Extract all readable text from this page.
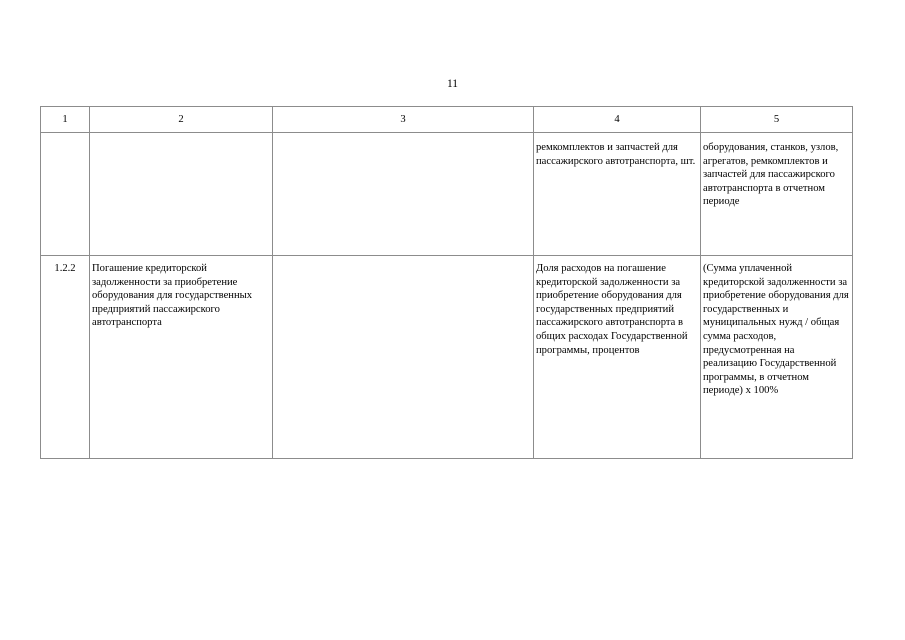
11
1	2	3	4	5
			ремкомплектов и запчастей для пассажирского автотранспорта, шт.	оборудования, станков, узлов, агрегатов, ремкомплектов и запчастей для пассажирского автотранспорта в отчетном периоде
1.2.2	Погашение кредиторской задолженности за приобретение оборудования для государственных предприятий пассажирского автотранспорта		Доля расходов на погашение кредиторской задолженности за приобретение оборудования для государственных предприятий пассажирского автотранспорта в общих расходах Государственной программы, процентов	(Сумма уплаченной кредиторской задолженности за приобретение оборудования для государственных и муниципальных нужд / общая сумма расходов, предусмотренная на реализацию Государственной программы, в отчетном периоде) x 100%
